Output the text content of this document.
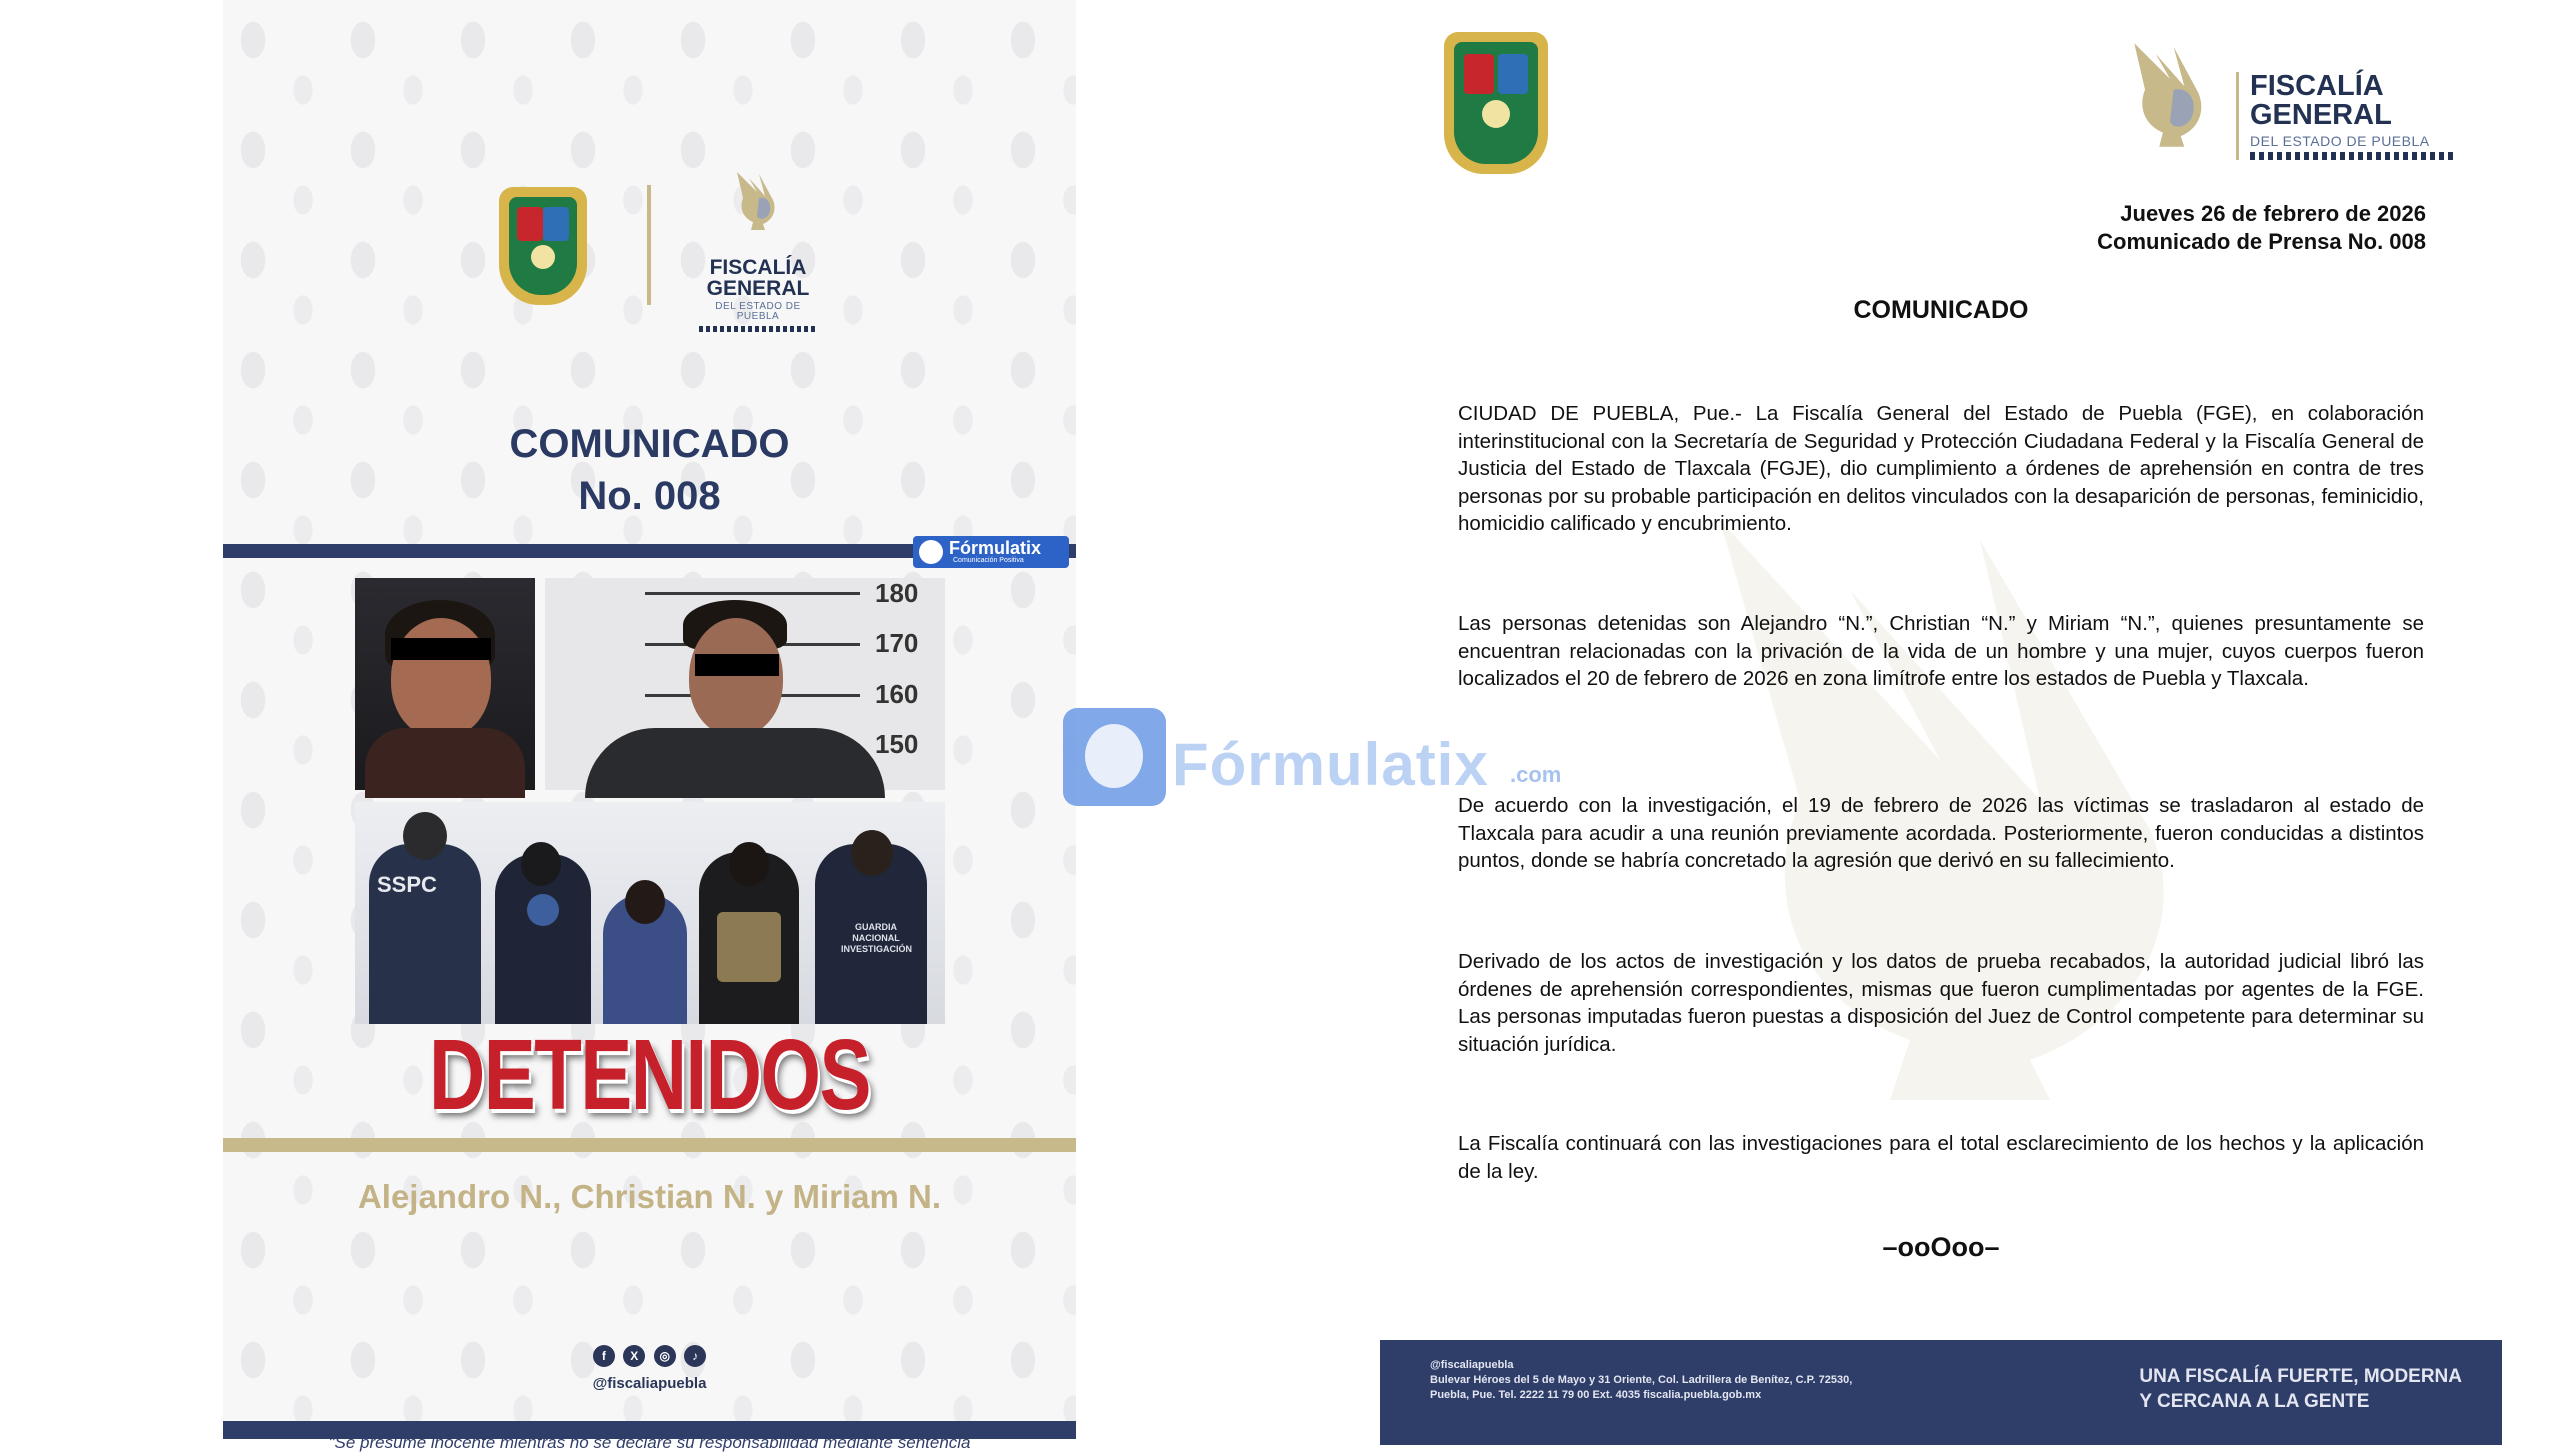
FISCALÍA
GENERAL
DEL ESTADO DE PUEBLA
COMUNICADO
No. 008
Fórmulatix
Comunicación Positiva
180
170
160
150
SSPC
GUARDIA NACIONAL INVESTIGACIÓN
DETENIDOS
Alejandro N., Christian N. y Miriam N.
f X ◎ ♪
@fiscaliapuebla
"Se presume inocente mientras no se declare su responsabilidad mediante sentencia
Fórmulatix .com
FISCALÍA
GENERAL
DEL ESTADO DE PUEBLA
Jueves 26 de febrero de 2026
Comunicado de Prensa No. 008
COMUNICADO

CIUDAD DE PUEBLA, Pue.- La Fiscalía General del Estado de Puebla (FGE), en colaboración interinstitucional con la Secretaría de Seguridad y Protección Ciudadana Federal y la Fiscalía General de Justicia del Estado de Tlaxcala (FGJE), dio cumplimiento a órdenes de aprehensión en contra de tres personas por su probable participación en delitos vinculados con la desaparición de personas, feminicidio, homicidio calificado y encubrimiento.

Las personas detenidas son Alejandro “N.”, Christian “N.” y Miriam “N.”, quienes presuntamente se encuentran relacionadas con la privación de la vida de un hombre y una mujer, cuyos cuerpos fueron localizados el 20 de febrero de 2026 en zona limítrofe entre los estados de Puebla y Tlaxcala.

De acuerdo con la investigación, el 19 de febrero de 2026 las víctimas se trasladaron al estado de Tlaxcala para acudir a una reunión previamente acordada. Posteriormente, fueron conducidas a distintos puntos, donde se habría concretado la agresión que derivó en su fallecimiento.

Derivado de los actos de investigación y los datos de prueba recabados, la autoridad judicial libró las órdenes de aprehensión correspondientes, mismas que fueron cumplimentadas por agentes de la FGE. Las personas imputadas fueron puestas a disposición del Juez de Control competente para determinar su situación jurídica.

La Fiscalía continuará con las investigaciones para el total esclarecimiento de los hechos y la aplicación de la ley.

–ooOoo–
@fiscaliapuebla
Bulevar Héroes del 5 de Mayo y 31 Oriente, Col. Ladrillera de Benítez, C.P. 72530,
Puebla, Pue. Tel. 2222 11 79 00 Ext. 4035 fiscalia.puebla.gob.mx
UNA FISCALÍA FUERTE, MODERNA
Y CERCANA A LA GENTE
